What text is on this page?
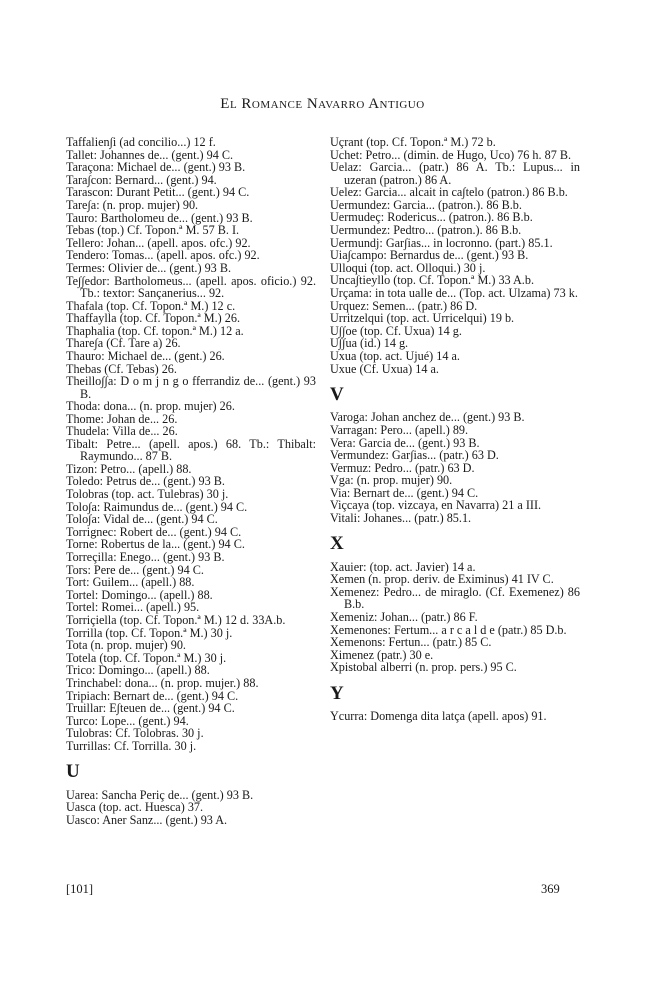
El Romance Navarro Antiguo
Taffalien∫i (ad concilio...) 12 f.
Tallet: Johannes de... (gent.) 94 C.
Taraçona: Michael de... (gent.) 93 B.
Tara∫con: Bernard... (gent.) 94.
Tarascon: Durant Petit... (gent.) 94 C.
Tare∫a: (n. prop. mujer) 90.
Tauro: Bartholomeu de... (gent.) 93 B.
Tebas (top.) Cf. Topon.ª M. 57 B. I.
Tellero: Johan... (apell. apos. ofc.) 92.
Tendero: Tomas... (apell. apos. ofc.) 92.
Termes: Olivier de... (gent.) 93 B.
Te∫∫edor: Bartholomeus... (apell. apos. oficio.) 92. Tb.: textor: Sançanerius... 92.
Thafala (top. Cf. Topon.ª M.) 12 c.
Thaffaylla (top. Cf. Topon.ª M.) 26.
Thaphalia (top. Cf. topon.ª M.) 12 a.
Thare∫a (Cf. Tare a) 26.
Thauro: Michael de... (gent.) 26.
Thebas (Cf. Tebas) 26.
Theillo∫∫a: D o m j n g o fferrandiz de... (gent.) 93 B.
Thoda: dona... (n. prop. mujer) 26.
Thome: Johan de... 26.
Thudela: Villa de... 26.
Tibalt: Petre... (apell. apos.) 68. Tb.: Thibalt: Raymundo... 87 B.
Tizon: Petro... (apell.) 88.
Toledo: Petrus de... (gent.) 93 B.
Tolobras (top. act. Tulebras) 30 j.
Tolo∫a: Raimundus de... (gent.) 94 C.
Tolo∫a: Vidal de... (gent.) 94 C.
Torrignec: Robert de... (gent.) 94 C.
Torne: Robertus de la... (gent.) 94 C.
Torreçilla: Enego... (gent.) 93 B.
Tors: Pere de... (gent.) 94 C.
Tort: Guilem... (apell.) 88.
Tortel: Domingo... (apell.) 88.
Tortel: Romei... (apell.) 95.
Torriçiella (top. Cf. Topon.ª M.) 12 d. 33A.b.
Torrilla (top. Cf. Topon.ª M.) 30 j.
Tota (n. prop. mujer) 90.
Totela (top. Cf. Topon.ª M.) 30 j.
Trico: Domingo... (apell.) 88.
Trinchabel: dona... (n. prop. mujer.) 88.
Tripiach: Bernart de... (gent.) 94 C.
Truillar: E∫teuen de... (gent.) 94 C.
Turco: Lope... (gent.) 94.
Tulobras: Cf. Tolobras. 30 j.
Turrillas: Cf. Torrilla. 30 j.
U
Uarea: Sancha Periç de... (gent.) 93 B.
Uasca (top. act. Huesca) 37.
Uasco: Aner Sanz... (gent.) 93 A.
Uçrant (top. Cf. Topon.ª M.) 72 b.
Uchet: Petro... (dimin. de Hugo, Uco) 76 h. 87 B.
Uelaz: Garcia... (patr.) 86 A. Tb.: Lupus... in uzeran (patron.) 86 A.
Uelez: Garcia... alcait in ca∫telo (patron.) 86 B.b.
Uermundez: Garcia... (patron.). 86 B.b.
Uermudeç: Rodericus... (patron.). 86 B.b.
Uermundez: Pedtro... (patron.). 86 B.b.
Uermundj: Gar∫ias... in locronno. (part.) 85.1.
Uia∫campo: Bernardus de... (gent.) 93 B.
Ulloqui (top. act. Olloqui.) 30 j.
Unca∫tieyllo (top. Cf. Topon.ª M.) 33 A.b.
Urçama: in tota ualle de... (Top. act. Ulzama) 73 k.
Urquez: Semen... (patr.) 86 D.
Urritzelqui (top. act. Urricelqui) 19 b.
U∫∫oe (top. Cf. Uxua) 14 g.
U∫∫ua (id.) 14 g.
Uxua (top. act. Ujué) 14 a.
Uxue (Cf. Uxua) 14 a.
V
Varoga: Johan anchez de... (gent.) 93 B.
Varragan: Pero... (apell.) 89.
Vera: Garcia de... (gent.) 93 B.
Vermundez: Gar∫ias... (patr.) 63 D.
Vermuz: Pedro... (patr.) 63 D.
Vga: (n. prop. mujer) 90.
Via: Bernart de... (gent.) 94 C.
Viçcaya (top. vizcaya, en Navarra) 21 a III.
Vitali: Johanes... (patr.) 85.1.
X
Xauier: (top. act. Javier) 14 a.
Xemen (n. prop. deriv. de Eximinus) 41 IV C.
Xemenez: Pedro... de miraglo. (Cf. Exemenez) 86 B.b.
Xemeniz: Johan... (patr.) 86 F.
Xemenones: Fertum... a r c a l d e (patr.) 85 D.b.
Xemenons: Fertun... (patr.) 85 C.
Ximenez (patr.) 30 e.
Xpistobal alberri (n. prop. pers.) 95 C.
Y
Ycurra: Domenga dita latça (apell. apos) 91.
[101]	369
